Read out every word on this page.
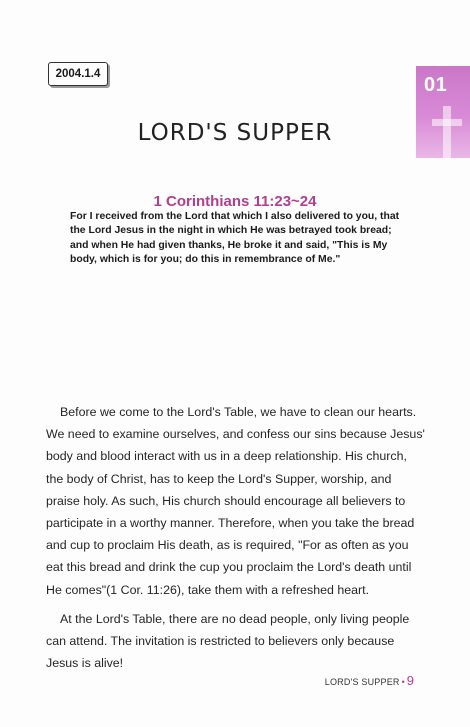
2004.1.4	01
LORD'S SUPPER
1 Corinthians 11:23~24
For I received from the Lord that which I also delivered to you, that the Lord Jesus in the night in which He was betrayed took bread; and when He had given thanks, He broke it and said, "This is My body, which is for you; do this in remembrance of Me."

Before we come to the Lord's Table, we have to clean our hearts. We need to examine ourselves, and confess our sins because Jesus' body and blood interact with us in a deep relationship. His church, the body of Christ, has to keep the Lord's Supper, worship, and praise holy. As such, His church should encourage all believers to participate in a worthy manner. Therefore, when you take the bread and cup to proclaim His death, as is required, "For as often as you eat this bread and drink the cup you proclaim the Lord's death until He comes"(1 Cor. 11:26), take them with a refreshed heart.

At the Lord's Table, there are no dead people, only living people can attend. The invitation is restricted to believers only because Jesus is alive!

LORD'S SUPPER • 9
